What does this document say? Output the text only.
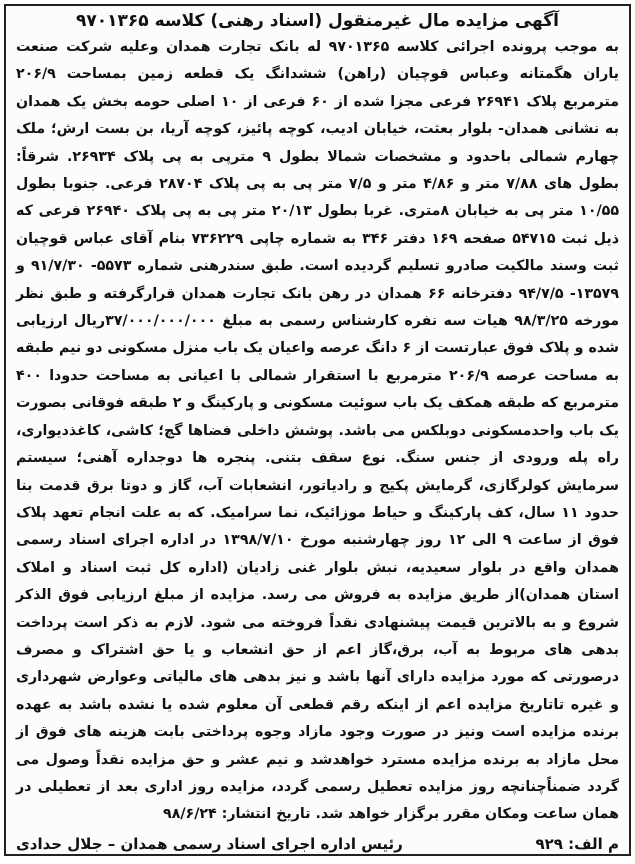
آگهی مزایده مال غیرمنقول (اسناد رهنی) کلاسه ۹۷۰۱۳۶۵

به موجب پرونده اجرائی کلاسه ۹۷۰۱۳۶۵ له بانک تجارت همدان وعلیه شرکت صنعت یاران هگمتانه وعباس قوچیان (راهن) ششدانگ یک قطعه زمین بمساحت ۲۰۶/۹ مترمربع پلاک ۲۶۹۴۱ فرعی مجزا شده از ۶۰ فرعی از ۱۰ اصلی حومه بخش یک همدان به نشانی همدان- بلوار بعثت، خیابان ادیب، کوچه پائیز، کوچه آریا، بن بست ارش؛ ملک چهارم شمالی باحدود و مشخصات شمالا بطول ۹ مترپی به پی پلاک ۲۶۹۳۴. شرقاً: بطول های ۷/۸۸ متر و ۴/۸۶ متر و ۷/۵ متر پی به پی پلاک ۲۸۷۰۴ فرعی. جنوبا بطول ۱۰/۵۵ متر پی به خیابان ۸متری. غربا بطول ۲۰/۱۳ متر پی به پی پلاک ۲۶۹۴۰ فرعی که ذیل ثبت ۵۴۷۱۵ صفحه ۱۶۹ دفتر ۳۴۶ به شماره چاپی ۷۳۶۲۲۹ بنام آقای عباس قوچیان ثبت وسند مالکیت صادرو تسلیم گردیده است. طبق سندرهنی شماره ۵۵۷۳- ۹۱/۷/۳۰ و ۱۳۵۷۹- ۹۴/۷/۵ دفترخانه ۶۶ همدان در رهن بانک تجارت همدان قرارگرفته و طبق نظر مورخه ۹۸/۳/۲۵ هیات سه نفره کارشناس رسمی به مبلغ ۳۷/۰۰۰/۰۰۰/۰۰۰ریال ارزیابی شده و پلاک فوق عبارتست از ۶ دانگ عرصه واعیان یک باب منزل مسکونی دو نیم طبقه به مساحت عرصه ۲۰۶/۹ مترمربع با استقرار شمالی با اعیانی به مساحت حدودا ۴۰۰ مترمربع که طبقه همکف یک باب سوئیت مسکونی و پارکینگ و ۲ طبقه فوقانی بصورت یک باب واحدمسکونی دوبلکس می باشد. پوشش داخلی فضاها گچ؛ کاشی، کاغذدیواری، راه پله ورودی از جنس سنگ. نوع سقف بتنی. پنجره ها دوجداره آهنی؛ سیستم سرمایش کولرگازی، گرمایش پکیج و رادیاتور، انشعابات آب، گاز و دوتا برق قدمت بنا حدود ۱۱ سال، کف پارکینگ و حیاط موزائیک، نما سرامیک. که به علت انجام تعهد پلاک فوق از ساعت ۹ الی ۱۲ روز چهارشنبه مورخ ۱۳۹۸/۷/۱۰ در اداره اجرای اسناد رسمی همدان واقع در بلوار سعیدیه، نبش بلوار غنی زادیان (اداره کل ثبت اسناد و املاک استان همدان)از طریق مزایده به فروش می رسد. مزایده از مبلغ ارزیابی فوق الذکر شروع و به بالاترین قیمت پیشنهادی نقداً فروخته می شود. لازم به ذکر است پرداخت بدهی های مربوط به آب، برق،گاز اعم از حق انشعاب و یا حق اشتراک و مصرف درصورتی که مورد مزایده دارای آنها باشد و نیز بدهی های مالیاتی وعوارض شهرداری و غیره تاتاریخ مزایده اعم از اینکه رقم قطعی آن معلوم شده یا نشده باشد به عهده برنده مزایده است ونیز در صورت وجود مازاد وجوه پرداختی بابت هزینه های فوق از محل مازاد به برنده مزایده مسترد خواهدشد و نیم عشر و حق مزایده نقداً وصول می گردد ضمناًچنانچه روز مزایده تعطیل رسمی گردد، مزایده روز اداری بعد از تعطیلی در همان ساعت ومکان مقرر برگزار خواهد شد. تاریخ انتشار: ۹۸/۶/۲۴

م الف: ۹۲۹
رئیس اداره اجرای اسناد رسمی همدان – جلال حدادی
